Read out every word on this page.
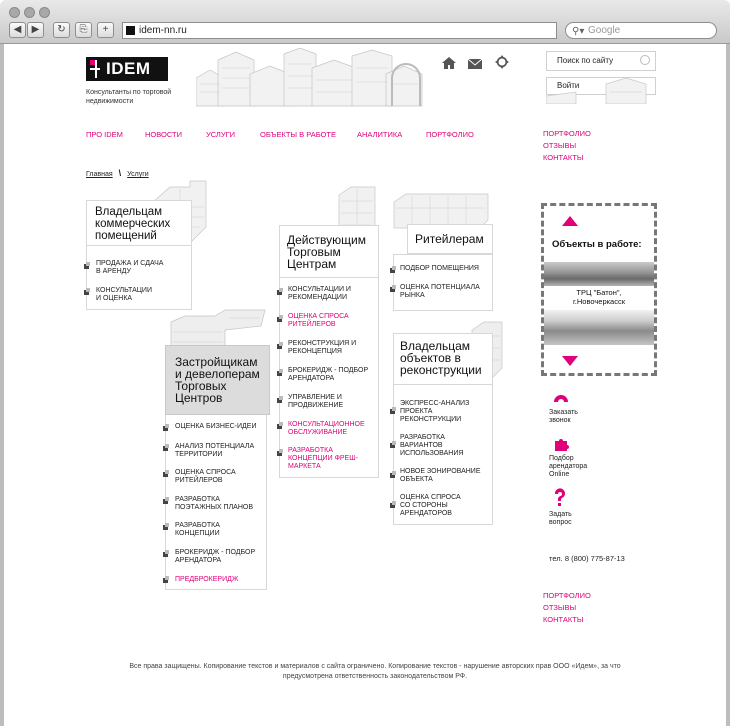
◀	▶	↻	⎘	+	idem-nn.ru	⚲▾ Google
IDEM
Консультанты по торговой недвижимости
Поиск по сайту
Войти
ПРО IDEM	НОВОСТИ	УСЛУГИ	ОБЪЕКТЫ В РАБОТЕ	АНАЛИТИКА	ПОРТФОЛИО	ПОРТФОЛИО
ОТЗЫВЫ
КОНТАКТЫ
Главная \ Услуги
Владельцам
коммерческих
помещений
ПРОДАЖА И СДАЧА
В АРЕНДУ
КОНСУЛЬТАЦИИ
И ОЦЕНКА
Застройщикам
и девелоперам
Торговых
Центров
ОЦЕНКА БИЗНЕС-ИДЕИ
АНАЛИЗ ПОТЕНЦИАЛА
ТЕРРИТОРИИ
ОЦЕНКА СПРОСА
РИТЕЙЛЕРОВ
РАЗРАБОТКА
ПОЭТАЖНЫХ ПЛАНОВ
РАЗРАБОТКА
КОНЦЕПЦИИ
БРОКЕРИДЖ - ПОДБОР
АРЕНДАТОРА
ПРЕДБРОКЕРИДЖ
Действующим
Торговым
Центрам
КОНСУЛЬТАЦИИ И
РЕКОМЕНДАЦИИ
ОЦЕНКА СПРОСА
РИТЕЙЛЕРОВ
РЕКОНСТРУКЦИЯ И
РЕКОНЦЕПЦИЯ
БРОКЕРИДЖ - ПОДБОР
АРЕНДАТОРА
УПРАВЛЕНИЕ И
ПРОДВИЖЕНИЕ
КОНСУЛЬТАЦИОННОЕ
ОБСЛУЖИВАНИЕ
РАЗРАБОТКА
КОНЦЕПЦИИ ФРЕШ-
МАРКЕТА
Ритейлерам
ПОДБОР ПОМЕЩЕНИЯ
ОЦЕНКА ПОТЕНЦИАЛА
РЫНКА
Владельцам
объектов в
реконструкции
ЭКСПРЕСС-АНАЛИЗ
ПРОЕКТА
РЕКОНСТРУКЦИИ
РАЗРАБОТКА
ВАРИАНТОВ
ИСПОЛЬЗОВАНИЯ
НОВОЕ ЗОНИРОВАНИЕ
ОБЪЕКТА
ОЦЕНКА СПРОСА
СО СТОРОНЫ
АРЕНДАТОРОВ
Объекты в работе:
ТРЦ "Батон",
г.Новочеркасск
Заказать
звонок
Подбор
арендатора
Online
Задать
вопрос
тел. 8 (800) 775-87-13
ПОРТФОЛИО
ОТЗЫВЫ
КОНТАКТЫ
Все права защищены. Копирование текстов и материалов с сайта ограничено. Копирование текстов - нарушение авторских прав ООО «Идем», за что
предусмотрена ответственность законодательством РФ.
